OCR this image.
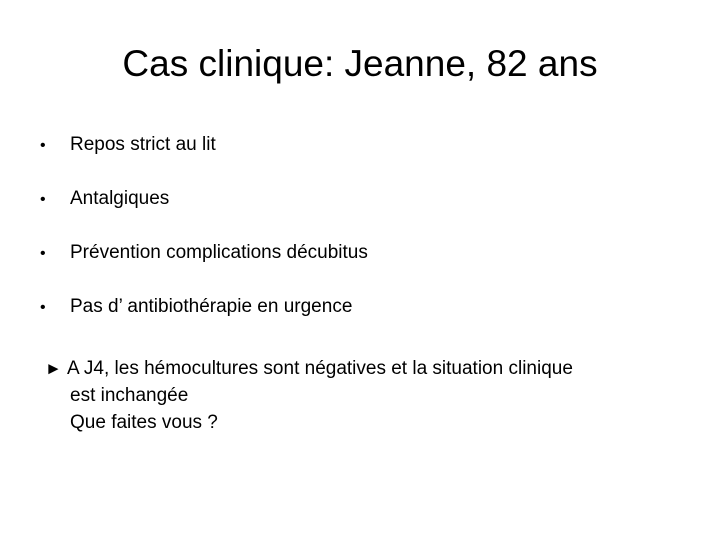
Cas clinique: Jeanne, 82 ans
•	Repos strict au lit
•	Antalgiques
•	Prévention complications décubitus
•	Pas d’ antibiothérapie en urgence
► A J4, les hémocultures sont négatives et la situation clinique
est inchangée
Que faites vous ?
